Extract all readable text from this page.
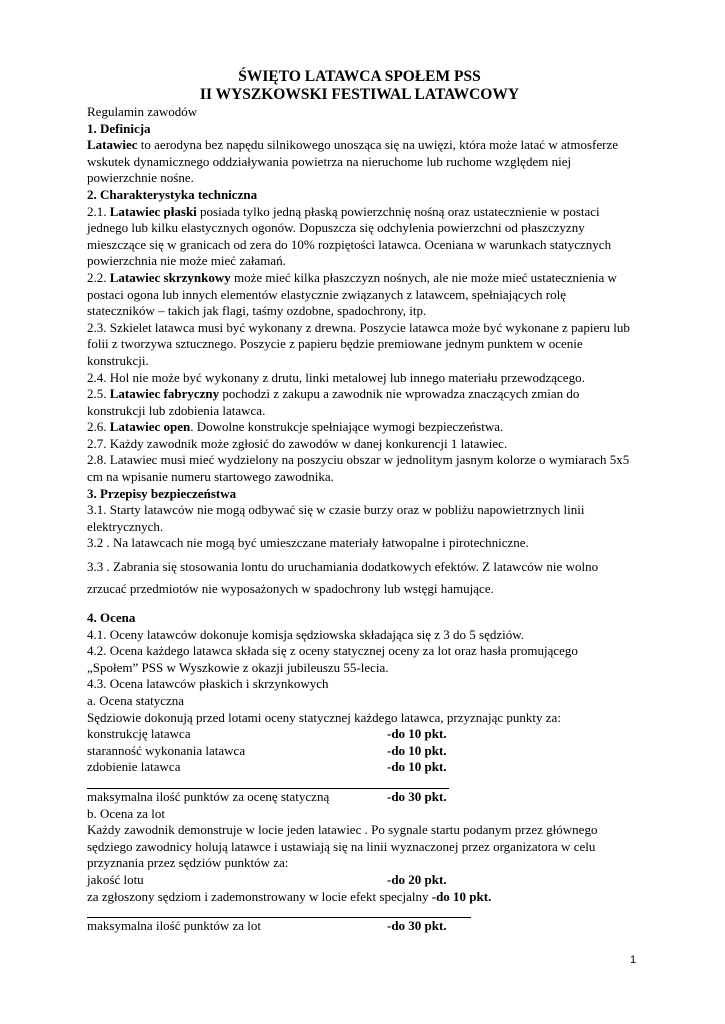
ŚWIĘTO LATAWCA SPOŁEM PSS

II WYSZKOWSKI FESTIWAL LATAWCOWY

Regulamin zawodów

1. Definicja

Latawiec to aerodyna bez napędu silnikowego unosząca się na uwięzi, która może latać w atmosferze wskutek dynamicznego oddziaływania powietrza na nieruchome lub ruchome względem niej powierzchnie nośne.

2. Charakterystyka techniczna

2.1. Latawiec płaski posiada tylko jedną płaską powierzchnię nośną oraz ustatecznienie w postaci jednego lub kilku elastycznych ogonów. Dopuszcza się odchylenia powierzchni od płaszczyzny mieszczące się w granicach od zera do 10% rozpiętości latawca. Oceniana w warunkach statycznych powierzchnia nie może mieć załamań.

2.2. Latawiec skrzynkowy może mieć kilka płaszczyzn nośnych, ale nie może mieć ustatecznienia w postaci ogona lub innych elementów elastycznie związanych z latawcem, spełniających rolę stateczników – takich jak flagi, taśmy ozdobne, spadochrony, itp.

2.3. Szkielet latawca musi być wykonany z drewna. Poszycie latawca może być wykonane z papieru lub folii z tworzywa sztucznego. Poszycie z papieru będzie premiowane jednym punktem w ocenie konstrukcji.

2.4. Hol nie może być wykonany z drutu, linki metalowej lub innego materiału przewodzącego.

2.5. Latawiec fabryczny pochodzi z zakupu a zawodnik nie wprowadza znaczących zmian do konstrukcji lub zdobienia latawca.

2.6. Latawiec open. Dowolne konstrukcje spełniające wymogi bezpieczeństwa.

2.7. Każdy zawodnik może zgłosić do zawodów w danej konkurencji 1 latawiec.

2.8. Latawiec musi mieć wydzielony na poszyciu obszar w jednolitym jasnym kolorze o wymiarach 5x5 cm na wpisanie numeru startowego zawodnika.

3. Przepisy bezpieczeństwa

3.1. Starty latawców nie mogą odbywać się w czasie burzy oraz w pobliżu napowietrznych linii elektrycznych.

3.2 . Na latawcach nie mogą być umieszczane materiały łatwopalne i pirotechniczne.

3.3 . Zabrania się stosowania lontu do uruchamiania dodatkowych efektów. Z latawców nie wolno zrzucać przedmiotów nie wyposażonych w spadochrony lub wstęgi hamujące.

4. Ocena

4.1. Oceny latawców dokonuje komisja sędziowska składająca się z 3 do 5 sędziów.

4.2. Ocena każdego latawca składa się z oceny statycznej oceny za lot oraz hasła promującego „Społem” PSS w Wyszkowie z okazji jubileuszu 55-lecia.

4.3. Ocena latawców płaskich i skrzynkowych

a. Ocena statyczna

Sędziowie dokonują przed lotami oceny statycznej każdego latawca, przyznając punkty za:

konstrukcję latawca	-do 10 pkt.
staranność wykonania latawca	-do 10 pkt.
zdobienie latawca	-do 10 pkt.
maksymalna ilość punktów za ocenę statyczną	-do 30 pkt.

b. Ocena za lot

Każdy zawodnik demonstruje w locie jeden latawiec . Po sygnale startu podanym przez głównego sędziego zawodnicy holują latawce i ustawiają się na linii wyznaczonej przez organizatora w celu przyznania przez sędziów punktów za:

jakość lotu	-do 20 pkt.

za zgłoszony sędziom i zademonstrowany w locie efekt specjalny -do 10 pkt.

maksymalna ilość punktów za lot	-do 30 pkt.
1
